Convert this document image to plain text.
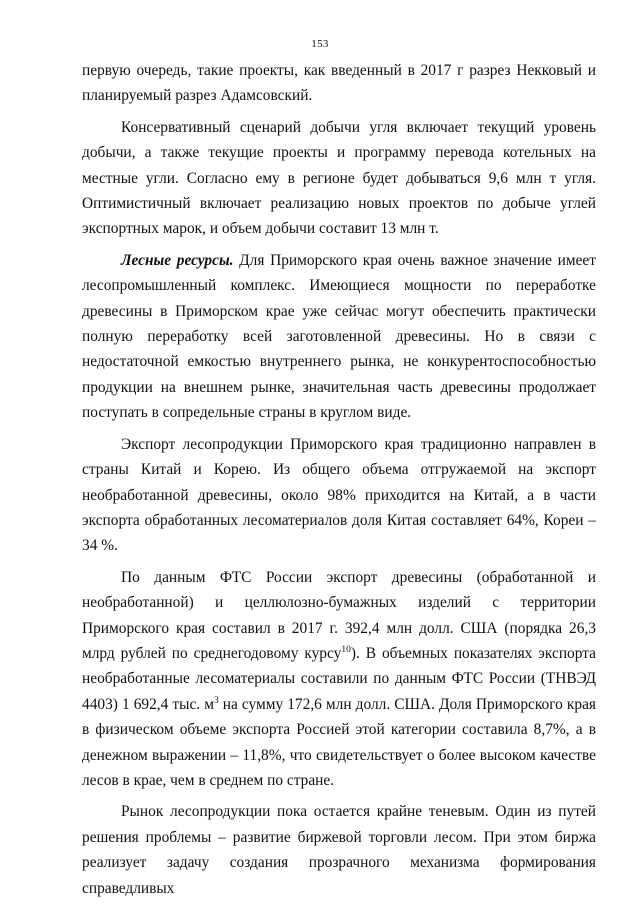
153

первую очередь, такие проекты, как введенный в 2017 г разрез Некковый и планируемый разрез Адамсовский.

Консервативный сценарий добычи угля включает текущий уровень добычи, а также текущие проекты и программу перевода котельных на местные угли. Согласно ему в регионе будет добываться 9,6 млн т угля. Оптимистичный включает реализацию новых проектов по добыче углей экспортных марок, и объем добычи составит 13 млн т.

Лесные ресурсы. Для Приморского края очень важное значение имеет лесопромышленный комплекс. Имеющиеся мощности по переработке древесины в Приморском крае уже сейчас могут обеспечить практически полную переработку всей заготовленной древесины. Но в связи с недостаточной емкостью внутреннего рынка, не конкурентоспособностью продукции на внешнем рынке, значительная часть древесины продолжает поступать в сопредельные страны в круглом виде.

Экспорт лесопродукции Приморского края традиционно направлен в страны Китай и Корею. Из общего объема отгружаемой на экспорт необработанной древесины, около 98% приходится на Китай, а в части экспорта обработанных лесоматериалов доля Китая составляет 64%, Кореи – 34 %.

По данным ФТС России экспорт древесины (обработанной и необработанной) и целлюлозно-бумажных изделий с территории Приморского края составил в 2017 г. 392,4 млн долл. США (порядка 26,3 млрд рублей по среднегодовому курсу$^{10}$). В объемных показателях экспорта необработанные лесоматериалы составили по данным ФТС России (ТНВЭД 4403) 1 692,4 тыс. $м^3$ на сумму 172,6 млн долл. США. Доля Приморского края в физическом объеме экспорта Россией этой категории составила 8,7%, а в денежном выражении – 11,8%, что свидетельствует о более высоком качестве лесов в крае, чем в среднем по стране.

Рынок лесопродукции пока остается крайне теневым. Один из путей решения проблемы – развитие биржевой торговли лесом. При этом биржа реализует задачу создания прозрачного механизма формирования справедливых
